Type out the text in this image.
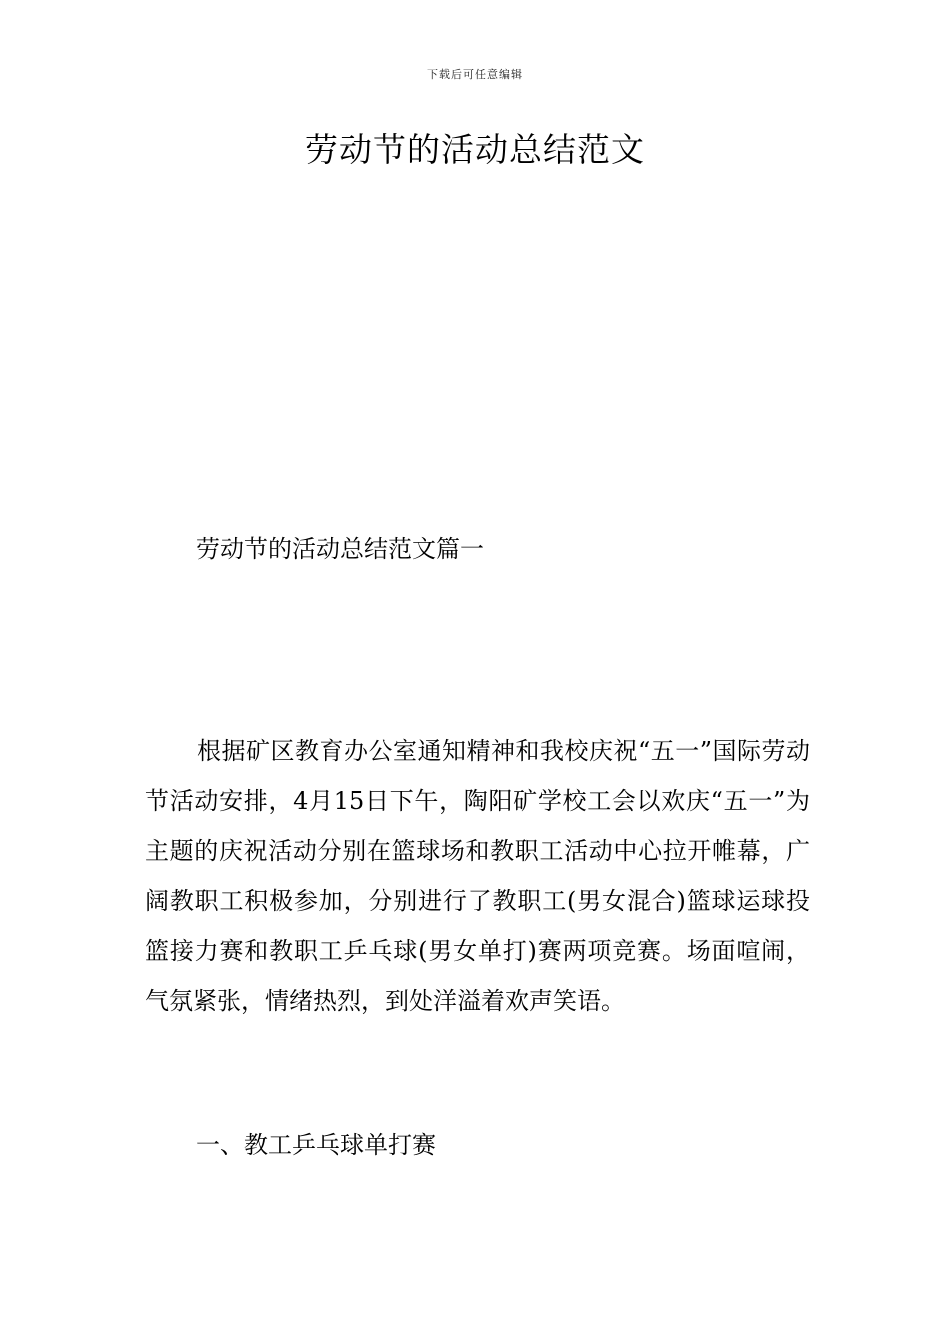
下载后可任意编辑
劳动节的活动总结范文
劳动节的活动总结范文篇一

根据矿区教育办公室通知精神和我校庆祝“五一”国际劳动节活动安排，4月15日下午，陶阳矿学校工会以欢庆“五一”为主题的庆祝活动分别在篮球场和教职工活动中心拉开帷幕，广阔教职工积极参加，分别进行了教职工(男女混合)篮球运球投篮接力赛和教职工乒乓球(男女单打)赛两项竞赛。场面喧闹，气氛紧张，情绪热烈，到处洋溢着欢声笑语。

一、教工乒乓球单打赛
